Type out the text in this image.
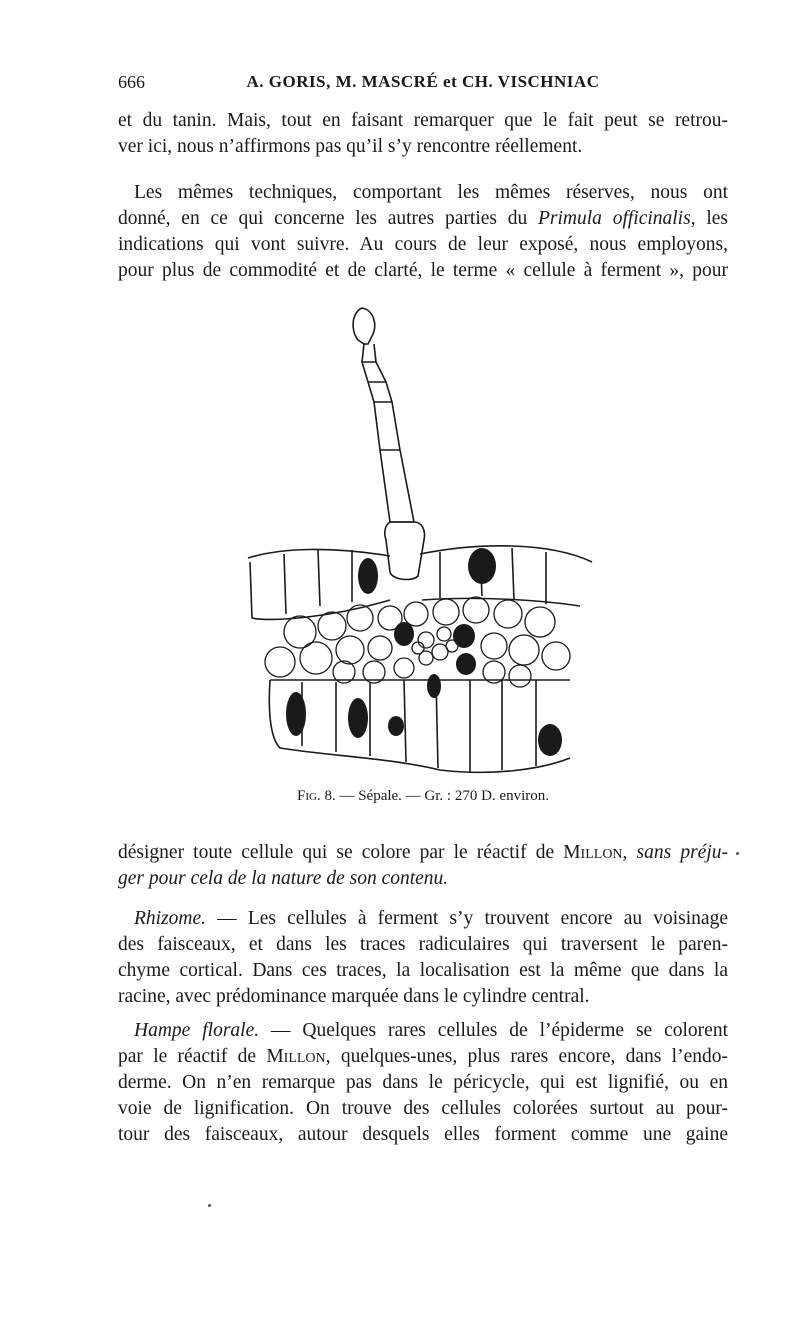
666	A. GORIS, M. MASCRÉ et CH. VISCHNIAC

et du tanin. Mais, tout en faisant remarquer que le fait peut se retrou-
ver ici, nous n’affirmons pas qu’il s’y rencontre réellement.

Les mêmes techniques, comportant les mêmes réserves, nous ont
donné, en ce qui concerne les autres parties du Primula officinalis, les
indications qui vont suivre. Au cours de leur exposé, nous employons,
pour plus de commodité et de clarté, le terme « cellule à ferment », pour

Fig. 8. — Sépale. — Gr. : 270 D. environ.

désigner toute cellule qui se colore par le réactif de Millon, sans préju-
ger pour cela de la nature de son contenu.

Rhizome. — Les cellules à ferment s’y trouvent encore au voisinage
des faisceaux, et dans les traces radiculaires qui traversent le paren-
chyme cortical. Dans ces traces, la localisation est la même que dans la
racine, avec prédominance marquée dans le cylindre central.

Hampe florale. — Quelques rares cellules de l’épiderme se colorent
par le réactif de Millon, quelques-unes, plus rares encore, dans l’endo-
derme. On n’en remarque pas dans le péricycle, qui est lignifié, ou en
voie de lignification. On trouve des cellules colorées surtout au pour-
tour des faisceaux, autour desquels elles forment comme une gaine
